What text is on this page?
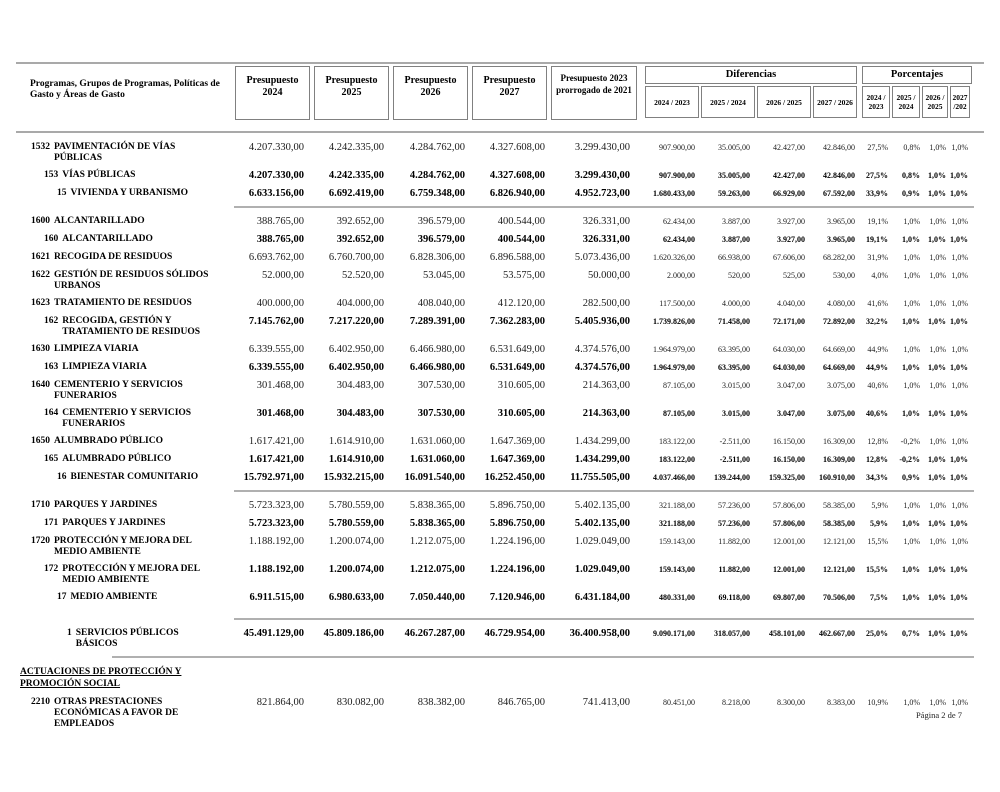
Programas, Grupos de Programas, Políticas de Gasto y Áreas de Gasto
Presupuesto 2024
Presupuesto 2025
Presupuesto 2026
Presupuesto 2027
Presupuesto 2023 prorrogado de 2021
Diferencias
2024 / 2023	2025 / 2024	2026 / 2025	2027 / 2026
Porcentajes
2024 / 2023
2025 / 2024
2026 / 2025
2027 /202
1532 PAVIMENTACIÓN DE VÍAS PÚBLICAS
4.207.330,00	4.242.335,00	4.284.762,00	4.327.608,00	3.299.430,00	907.900,00	35.005,00	42.427,00	42.846,00	27,5%	0,8%	1,0% 1,0%
153 VÍAS PÚBLICAS	4.207.330,00	4.242.335,00	4.284.762,00	4.327.608,00	3.299.430,00	907.900,00	35.005,00	42.427,00	42.846,00	27,5%	0,8%	1,0% 1,0%
15 VIVIENDA Y URBANISMO	6.633.156,00	6.692.419,00	6.759.348,00	6.826.940,00	4.952.723,00	1.680.433,00	59.263,00	66.929,00	67.592,00	33,9%	0,9%	1,0% 1,0%
1600 ALCANTARILLADO	388.765,00	392.652,00	396.579,00	400.544,00	326.331,00	62.434,00	3.887,00	3.927,00	3.965,00	19,1%	1,0%	1,0% 1,0%
160 ALCANTARILLADO	388.765,00	392.652,00	396.579,00	400.544,00	326.331,00	62.434,00	3.887,00	3.927,00	3.965,00	19,1%	1,0%	1,0% 1,0%
1621 RECOGIDA DE RESIDUOS	6.693.762,00	6.760.700,00	6.828.306,00	6.896.588,00	5.073.436,00	1.620.326,00	66.938,00	67.606,00	68.282,00	31,9%	1,0%	1,0% 1,0%
1622 GESTIÓN DE RESIDUOS SÓLIDOS URBANOS
52.000,00	52.520,00	53.045,00	53.575,00	50.000,00	2.000,00	520,00	525,00	530,00	4,0%	1,0%	1,0% 1,0%
1623 TRATAMIENTO DE RESIDUOS	400.000,00	404.000,00	408.040,00	412.120,00	282.500,00	117.500,00	4.000,00	4.040,00	4.080,00	41,6%	1,0%	1,0% 1,0%
162 RECOGIDA, GESTIÓN Y TRATAMIENTO DE RESIDUOS
7.145.762,00	7.217.220,00	7.289.391,00	7.362.283,00	5.405.936,00	1.739.826,00	71.458,00	72.171,00	72.892,00	32,2%	1,0%	1,0% 1,0%
1630 LIMPIEZA VIARIA	6.339.555,00	6.402.950,00	6.466.980,00	6.531.649,00	4.374.576,00	1.964.979,00	63.395,00	64.030,00	64.669,00	44,9%	1,0%	1,0% 1,0%
163 LIMPIEZA VIARIA	6.339.555,00	6.402.950,00	6.466.980,00	6.531.649,00	4.374.576,00	1.964.979,00	63.395,00	64.030,00	64.669,00	44,9%	1,0%	1,0% 1,0%
1640 CEMENTERIO Y SERVICIOS FUNERARIOS
301.468,00	304.483,00	307.530,00	310.605,00	214.363,00	87.105,00	3.015,00	3.047,00	3.075,00	40,6%	1,0%	1,0% 1,0%
164 CEMENTERIO Y SERVICIOS FUNERARIOS
301.468,00	304.483,00	307.530,00	310.605,00	214.363,00	87.105,00	3.015,00	3.047,00	3.075,00	40,6%	1,0%	1,0% 1,0%
1650 ALUMBRADO PÚBLICO	1.617.421,00	1.614.910,00	1.631.060,00	1.647.369,00	1.434.299,00	183.122,00	-2.511,00	16.150,00	16.309,00	12,8%	-0,2%	1,0% 1,0%
165 ALUMBRADO PÚBLICO	1.617.421,00	1.614.910,00	1.631.060,00	1.647.369,00	1.434.299,00	183.122,00	-2.511,00	16.150,00	16.309,00	12,8%	-0,2%	1,0% 1,0%
16 BIENESTAR COMUNITARIO	15.792.971,00	15.932.215,00	16.091.540,00	16.252.450,00	11.755.505,00	4.037.466,00	139.244,00	159.325,00	160.910,00	34,3%	0,9%	1,0% 1,0%
1710 PARQUES Y JARDINES	5.723.323,00	5.780.559,00	5.838.365,00	5.896.750,00	5.402.135,00	321.188,00	57.236,00	57.806,00	58.385,00	5,9%	1,0%	1,0% 1,0%
171 PARQUES Y JARDINES	5.723.323,00	5.780.559,00	5.838.365,00	5.896.750,00	5.402.135,00	321.188,00	57.236,00	57.806,00	58.385,00	5,9%	1,0%	1,0% 1,0%
1720 PROTECCIÓN Y MEJORA DEL MEDIO AMBIENTE
1.188.192,00	1.200.074,00	1.212.075,00	1.224.196,00	1.029.049,00	159.143,00	11.882,00	12.001,00	12.121,00	15,5%	1,0%	1,0% 1,0%
172 PROTECCIÓN Y MEJORA DEL MEDIO AMBIENTE
1.188.192,00	1.200.074,00	1.212.075,00	1.224.196,00	1.029.049,00	159.143,00	11.882,00	12.001,00	12.121,00	15,5%	1,0%	1,0% 1,0%
17 MEDIO AMBIENTE	6.911.515,00	6.980.633,00	7.050.440,00	7.120.946,00	6.431.184,00	480.331,00	69.118,00	69.807,00	70.506,00	7,5%	1,0%	1,0% 1,0%
1 SERVICIOS PÚBLICOS BÁSICOS
45.491.129,00	45.809.186,00	46.267.287,00	46.729.954,00	36.400.958,00	9.090.171,00	318.057,00	458.101,00	462.667,00	25,0%	0,7%	1,0% 1,0%
ACTUACIONES DE PROTECCIÓN Y PROMOCIÓN SOCIAL
2210 OTRAS PRESTACIONES ECONÓMICAS A FAVOR DE EMPLEADOS
821.864,00	830.082,00	838.382,00	846.765,00	741.413,00	80.451,00	8.218,00	8.300,00	8.383,00	10,9%	1,0%	1,0% 1,0%
Página 2 de 7
